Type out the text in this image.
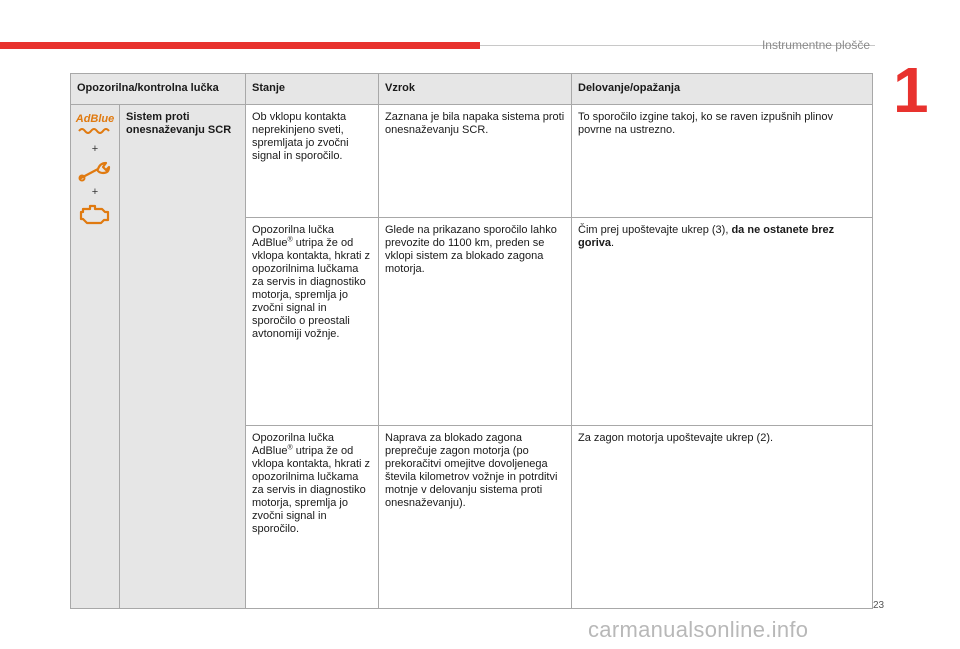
Instrumentne plošče
1
Opozorilna/kontrolna lučka		Stanje	Vzrok	Delovanje/opažanja

AdBlue
+
+	Sistem proti onesnaževanju SCR	Ob vklopu kontakta neprekinjeno sveti, spremljata jo zvočni signal in sporočilo.	Zaznana je bila napaka sistema proti onesnaževanju SCR.	To sporočilo izgine takoj, ko se raven izpušnih plinov povrne na ustrezno.
		Opozorilna lučka AdBlue® utripa že od vklopa kontakta, hkrati z opozorilnima lučkama za servis in diagnostiko motorja, spremlja jo zvočni signal in sporočilo o preostali avtonomiji vožnje.	Glede na prikazano sporočilo lahko prevozite do 1100 km, preden se vklopi sistem za blokado zagona motorja.	Čim prej upoštevajte ukrep (3), da ne ostanete brez goriva.
		Opozorilna lučka AdBlue® utripa že od vklopa kontakta, hkrati z opozorilnima lučkama za servis in diagnostiko motorja, spremlja jo zvočni signal in sporočilo.	Naprava za blokado zagona preprečuje zagon motorja (po prekoračitvi omejitve dovoljenega števila kilometrov vožnje in potrditvi motnje v delovanju sistema proti onesnaževanju).	Za zagon motorja upoštevajte ukrep (2).
23
carmanualsonline.info
